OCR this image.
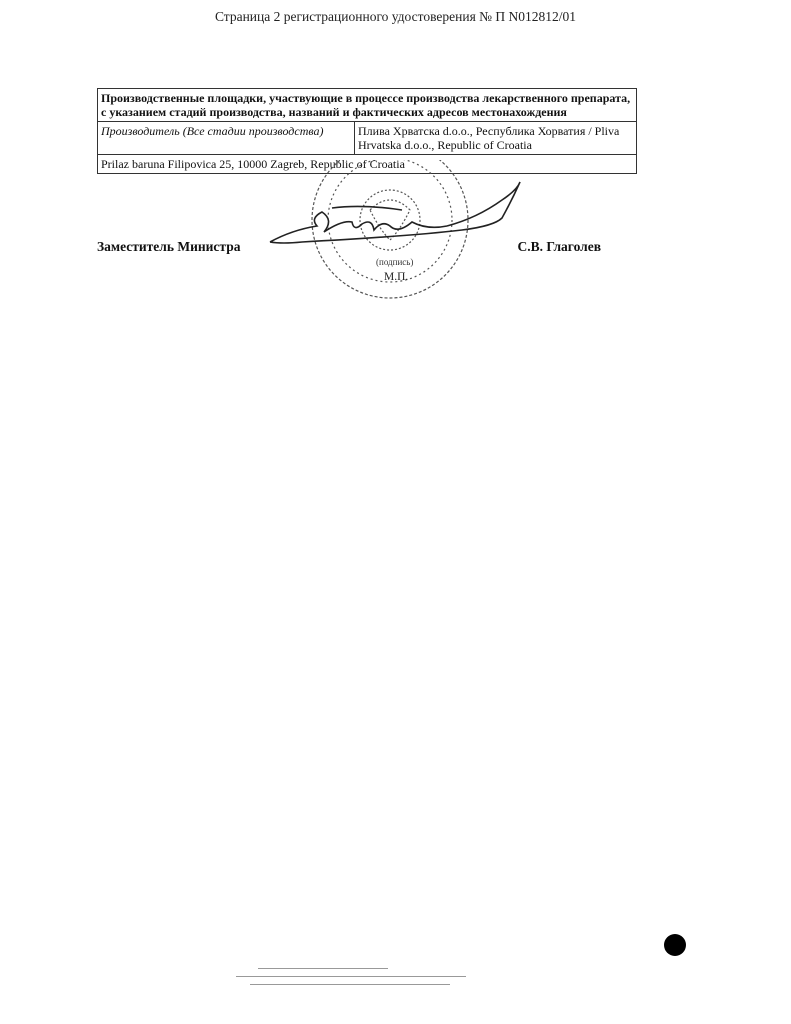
Страница 2 регистрационного удостоверения № П N012812/01
Производственные площадки, участвующие в процессе производства лекарственного препарата, с указанием стадий производства, названий и фактических адресов местонахождения
Производитель (Все стадии производства)	Плива Хрватска d.o.o., Республика Хорватия / Pliva Hrvatska d.o.o., Republic of Croatia
Prilaz baruna Filipovica 25, 10000 Zagreb, Republic of Croatia
Заместитель Министра	С.В. Глаголев
(подпись)
М.П.
